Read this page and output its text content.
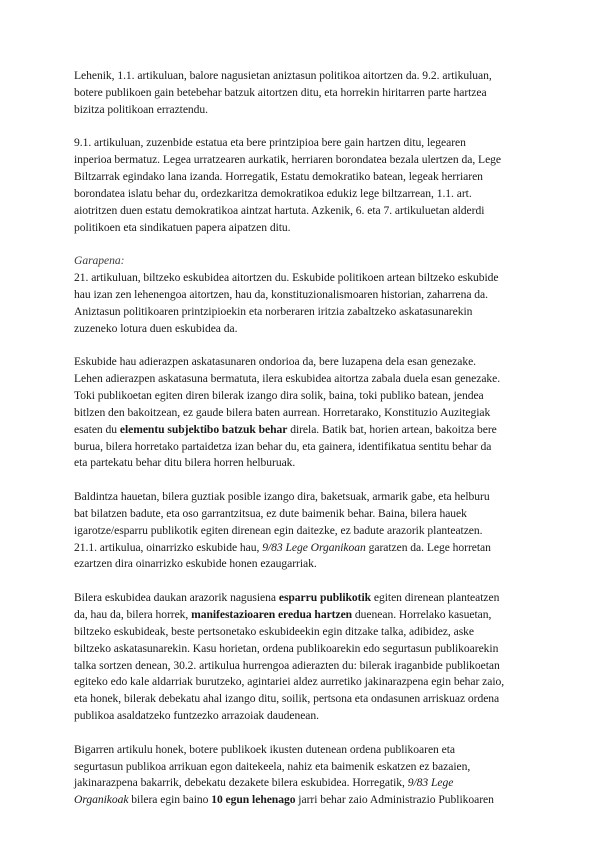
Lehenik, 1.1. artikuluan, balore nagusietan aniztasun politikoa aitortzen da. 9.2. artikuluan,
botere publikoen gain betebehar batzuk aitortzen ditu, eta horrekin hiritarren parte hartzea
bizitza politikoan erraztendu.
9.1. artikuluan, zuzenbide estatua eta bere printzipioa bere gain hartzen ditu, legearen
inperioa bermatuz. Legea urratzearen aurkatik, herriaren borondatea bezala ulertzen da, Lege
Biltzarrak egindako lana izanda. Horregatik, Estatu demokratiko batean, legeak herriaren
borondatea islatu behar du, ordezkaritza demokratikoa edukiz lege biltzarrean, 1.1. art.
aiotritzen duen estatu demokratikoa aintzat hartuta. Azkenik, 6. eta 7. artikuluetan alderdi
politikoen eta sindikatuen papera aipatzen ditu.
Garapena:
21. artikuluan, biltzeko eskubidea aitortzen du. Eskubide politikoen artean biltzeko eskubide
hau izan zen lehenengoa aitortzen, hau da, konstituzionalismoaren historian, zaharrena da.
Aniztasun politikoaren printzipioekin eta norberaren iritzia zabaltzeko askatasunarekin
zuzeneko lotura duen eskubidea da.
Eskubide hau adierazpen askatasunaren ondorioa da, bere luzapena dela esan genezake.
Lehen adierazpen askatasuna bermatuta, ilera eskubidea aitortza zabala duela esan genezake.
Toki publikoetan egiten diren bilerak izango dira solik, baina, toki publiko batean, jendea
bitlzen den bakoitzean, ez gaude bilera baten aurrean. Horretarako, Konstituzio Auzitegiak
esaten du elementu subjektibo batzuk behar direla. Batik bat, horien artean, bakoitza bere
burua, bilera horretako partaidetza izan behar du, eta gainera, identifikatua sentitu behar da
eta partekatu behar ditu bilera horren helburuak.
Baldintza hauetan, bilera guztiak posible izango dira, baketsuak, armarik gabe, eta helburu
bat bilatzen badute, eta oso garrantzitsua, ez dute baimenik behar. Baina, bilera hauek
igarotze/esparru publikotik egiten direnean egin daitezke, ez badute arazorik planteatzen.
21.1. artikulua, oinarrizko eskubide hau, 9/83 Lege Organikoan garatzen da. Lege horretan
ezartzen dira oinarrizko eskubide honen ezaugarriak.
Bilera eskubidea daukan arazorik nagusiena esparru publikotik egiten direnean planteatzen
da, hau da, bilera horrek, manifestazioaren eredua hartzen duenean. Horrelako kasuetan,
biltzeko eskubideak, beste pertsonetako eskubideekin egin ditzake talka, adibidez, aske
biltzeko askatasunarekin. Kasu horietan, ordena publikoarekin edo segurtasun publikoarekin
talka sortzen denean, 30.2. artikulua hurrengoa adierazten du: bilerak iraganbide publikoetan
egiteko edo kale aldarriak burutzeko, agintariei aldez aurretiko jakinarazpena egin behar zaio,
eta honek, bilerak debekatu ahal izango ditu, soilik, pertsona eta ondasunen arriskuaz ordena
publikoa asaldatzeko funtzezko arrazoiak daudenean.
Bigarren artikulu honek, botere publikoek ikusten dutenean ordena publikoaren eta
segurtasun publikoa arrikuan egon daitekeela, nahiz eta baimenik eskatzen ez bazaien,
jakinarazpena bakarrik, debekatu dezakete bilera eskubidea. Horregatik, 9/83 Lege
Organikoak bilera egin baino 10 egun lehenago jarri behar zaio Administrazio Publikoaren
